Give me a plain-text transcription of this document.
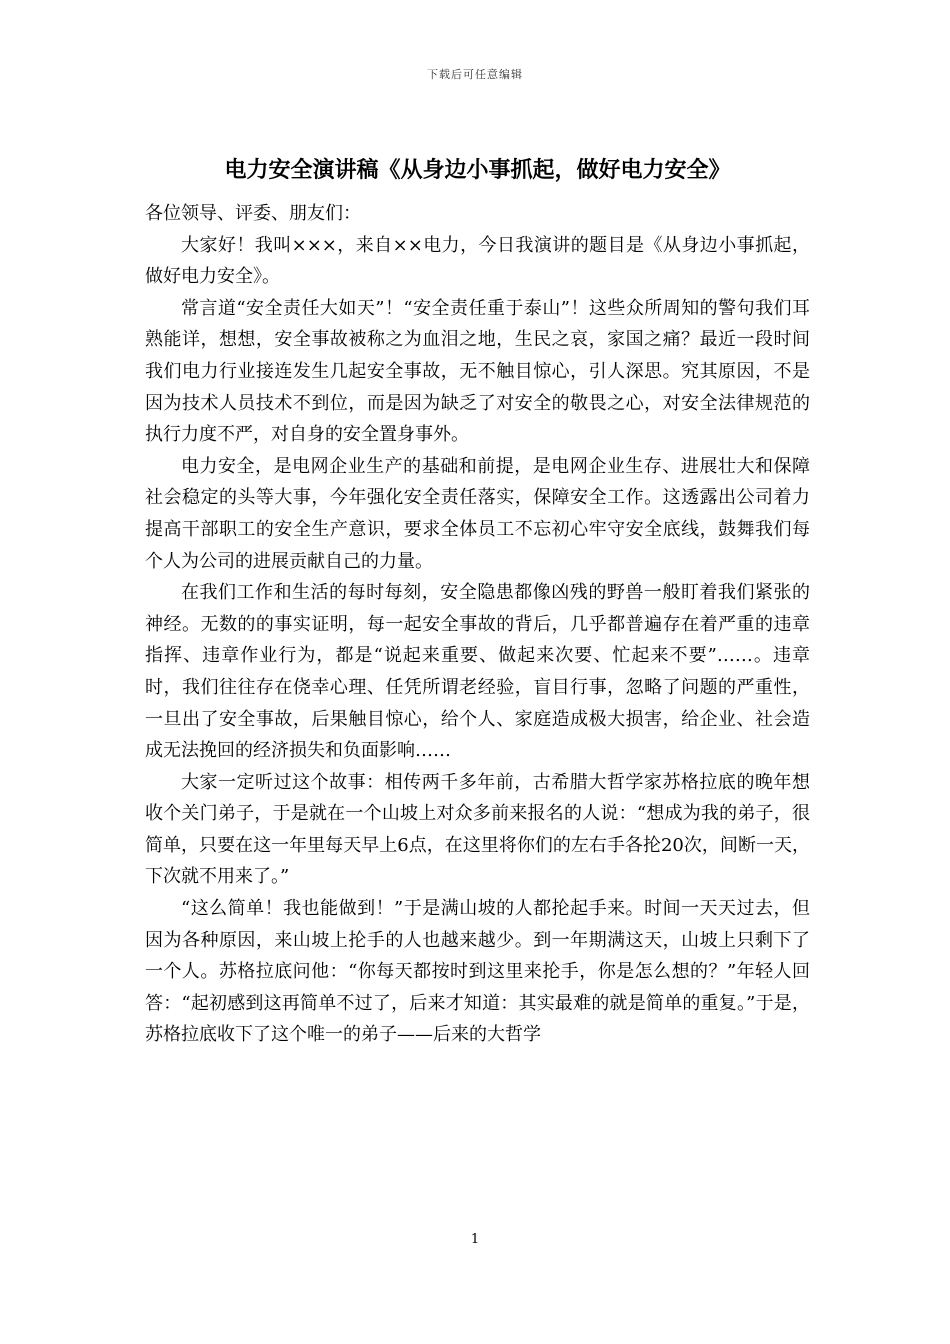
下载后可任意编辑
电力安全演讲稿《从身边小事抓起，做好电力安全》

各位领导、评委、朋友们：

大家好！我叫×××，来自××电力，今日我演讲的题目是《从身边小事抓起，做好电力安全》。

常言道“安全责任大如天”！“安全责任重于泰山”！这些众所周知的警句我们耳熟能详，想想，安全事故被称之为血泪之地，生民之哀，家国之痛？最近一段时间我们电力行业接连发生几起安全事故，无不触目惊心，引人深思。究其原因，不是因为技术人员技术不到位，而是因为缺乏了对安全的敬畏之心，对安全法律规范的执行力度不严，对自身的安全置身事外。

电力安全，是电网企业生产的基础和前提，是电网企业生存、进展壮大和保障社会稳定的头等大事，今年强化安全责任落实，保障安全工作。这透露出公司着力提高干部职工的安全生产意识，要求全体员工不忘初心牢守安全底线，鼓舞我们每个人为公司的进展贡献自己的力量。

在我们工作和生活的每时每刻，安全隐患都像凶残的野兽一般盯着我们紧张的神经。无数的的事实证明，每一起安全事故的背后，几乎都普遍存在着严重的违章指挥、违章作业行为，都是“说起来重要、做起来次要、忙起来不要”……。违章时，我们往往存在侥幸心理、任凭所谓老经验，盲目行事，忽略了问题的严重性，一旦出了安全事故，后果触目惊心，给个人、家庭造成极大损害，给企业、社会造成无法挽回的经济损失和负面影响……

大家一定听过这个故事：相传两千多年前，古希腊大哲学家苏格拉底的晚年想收个关门弟子，于是就在一个山坡上对众多前来报名的人说：“想成为我的弟子，很简单，只要在这一年里每天早上6点，在这里将你们的左右手各抡20次，间断一天，下次就不用来了。”

“这么简单！我也能做到！”于是满山坡的人都抡起手来。时间一天天过去，但因为各种原因，来山坡上抡手的人也越来越少。到一年期满这天，山坡上只剩下了一个人。苏格拉底问他：“你每天都按时到这里来抡手，你是怎么想的？”年轻人回答：“起初感到这再简单不过了，后来才知道：其实最难的就是简单的重复。”于是，苏格拉底收下了这个唯一的弟子——后来的大哲学

1
